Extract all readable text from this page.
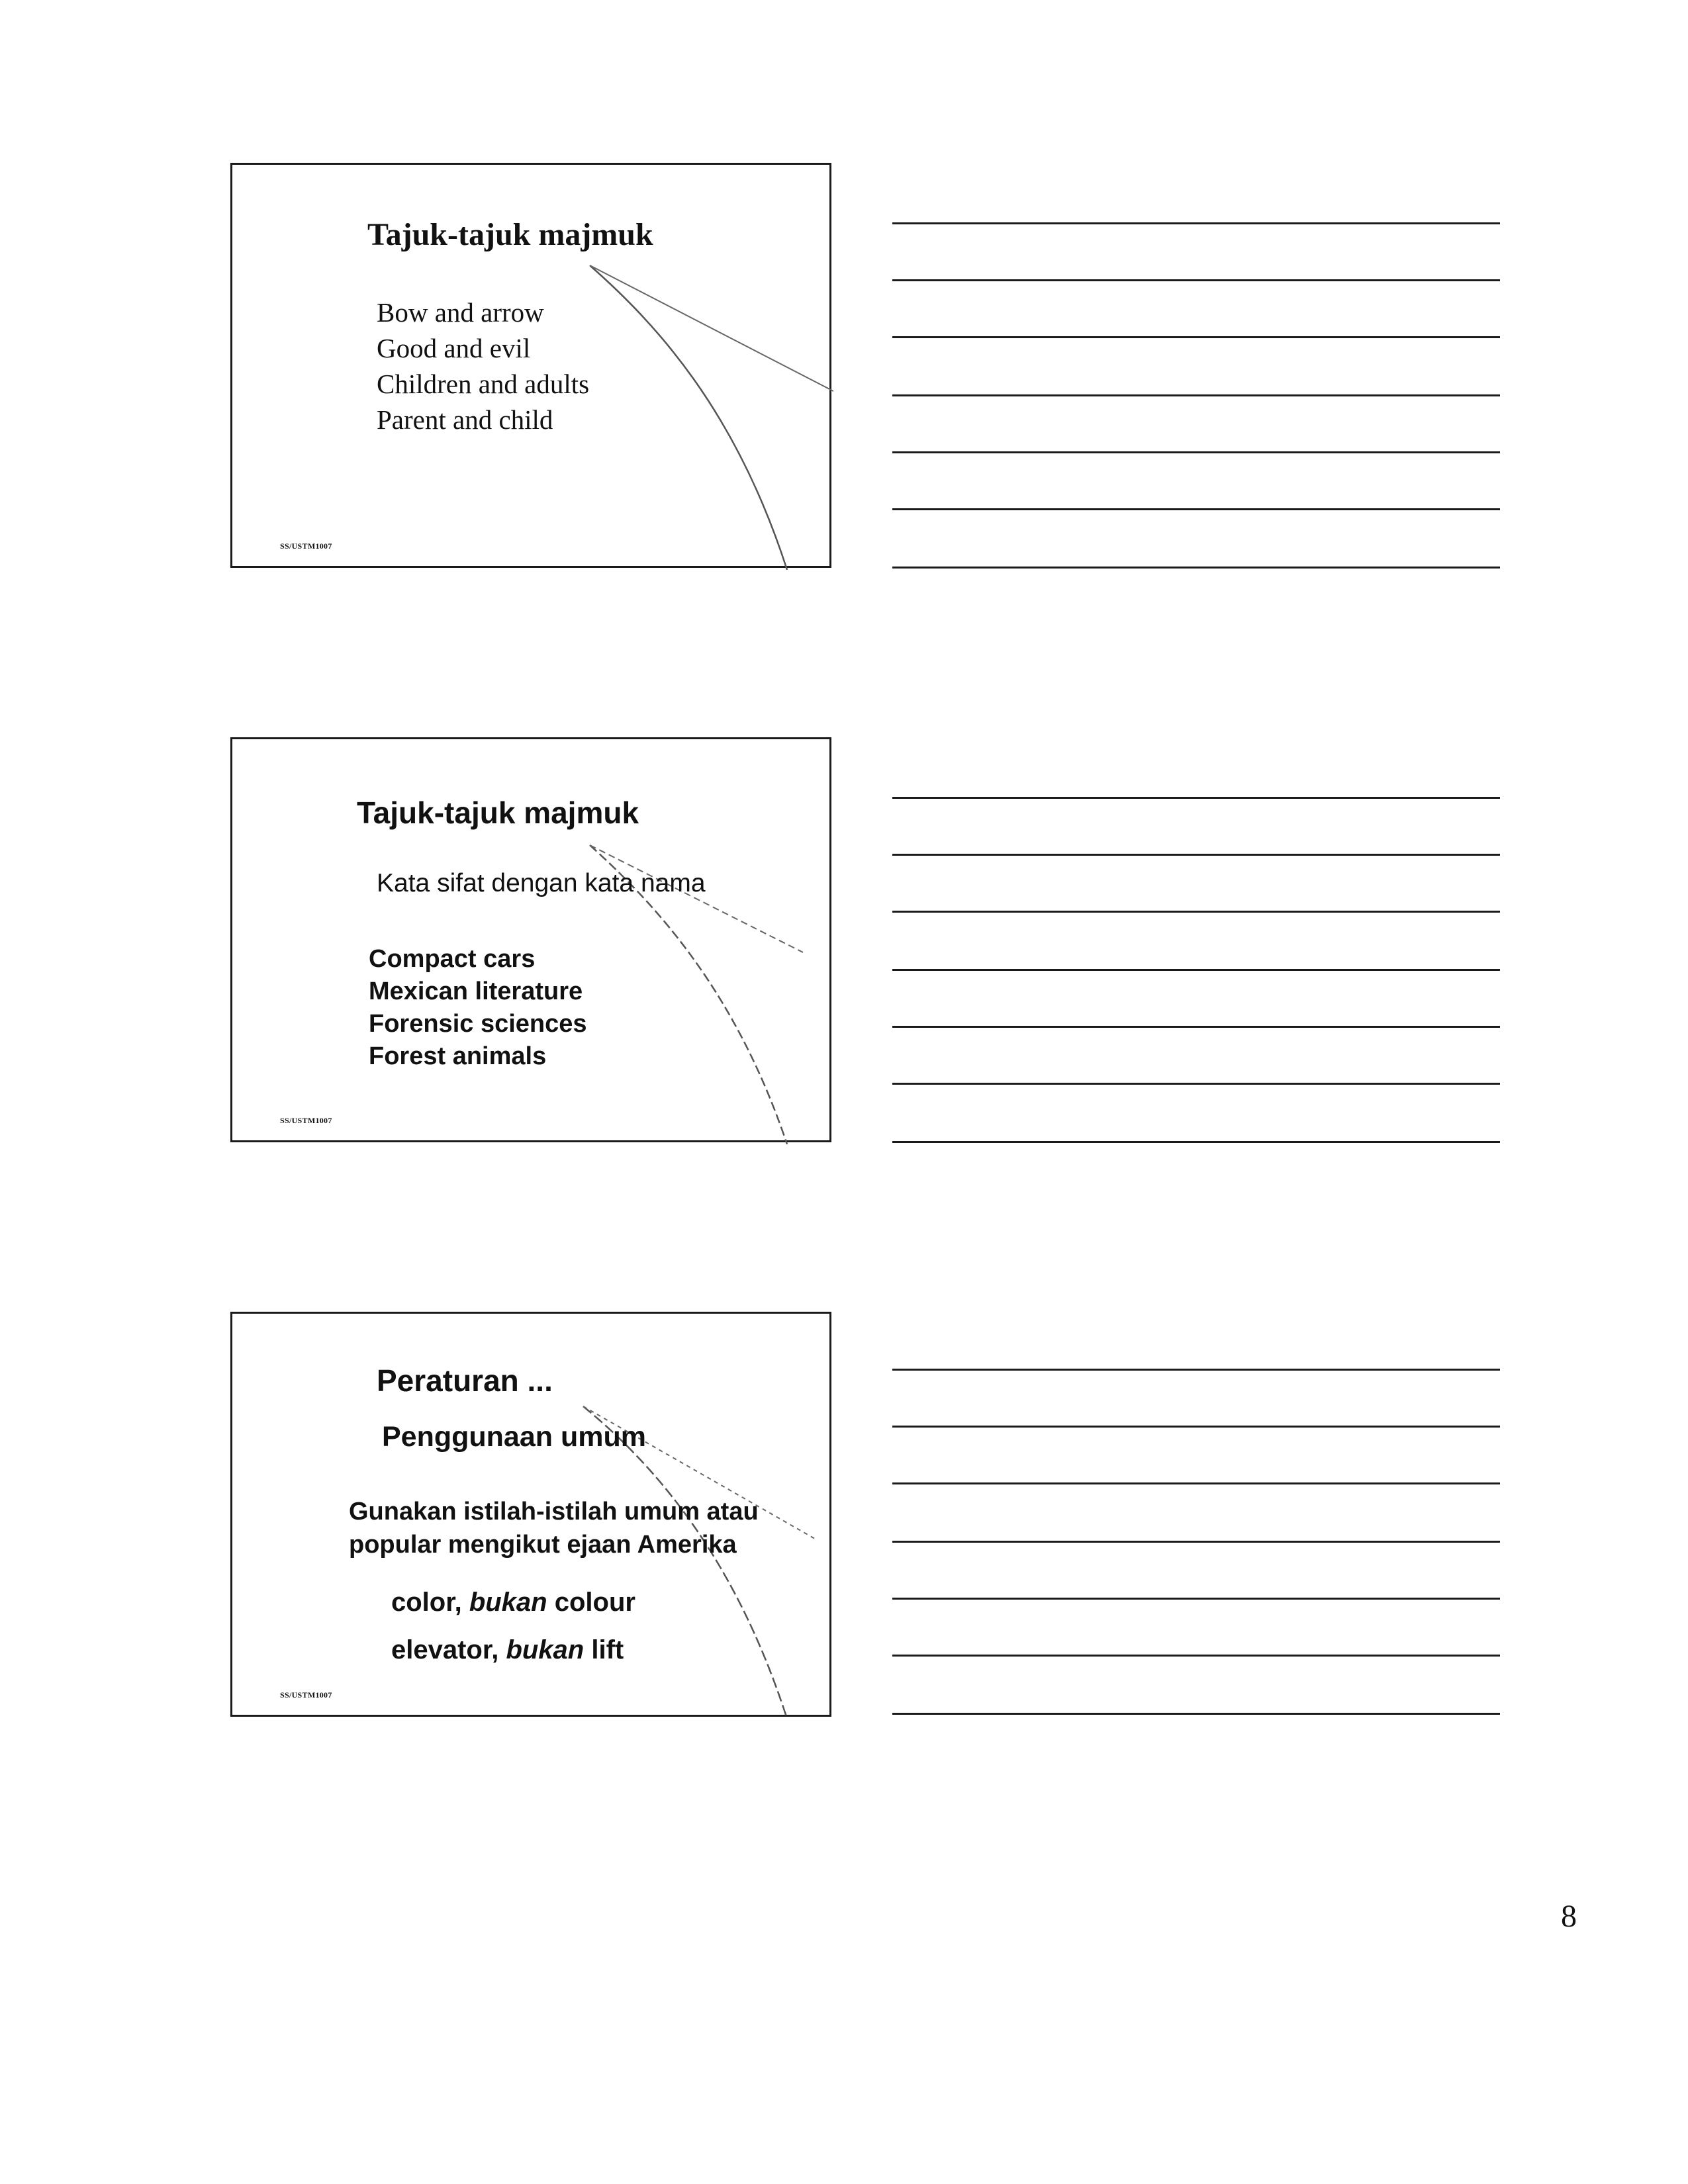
Tajuk-tajuk majmuk
Bow and arrow
Good and evil
Children and adults
Parent and child
SS/USTM1007
Tajuk-tajuk majmuk
Kata sifat dengan kata nama
Compact cars
Mexican literature
Forensic sciences
Forest animals
SS/USTM1007
Peraturan ...
Penggunaan umum
Gunakan istilah-istilah umum atau
popular mengikut ejaan Amerika
color, bukan colour
elevator, bukan lift
SS/USTM1007
8
